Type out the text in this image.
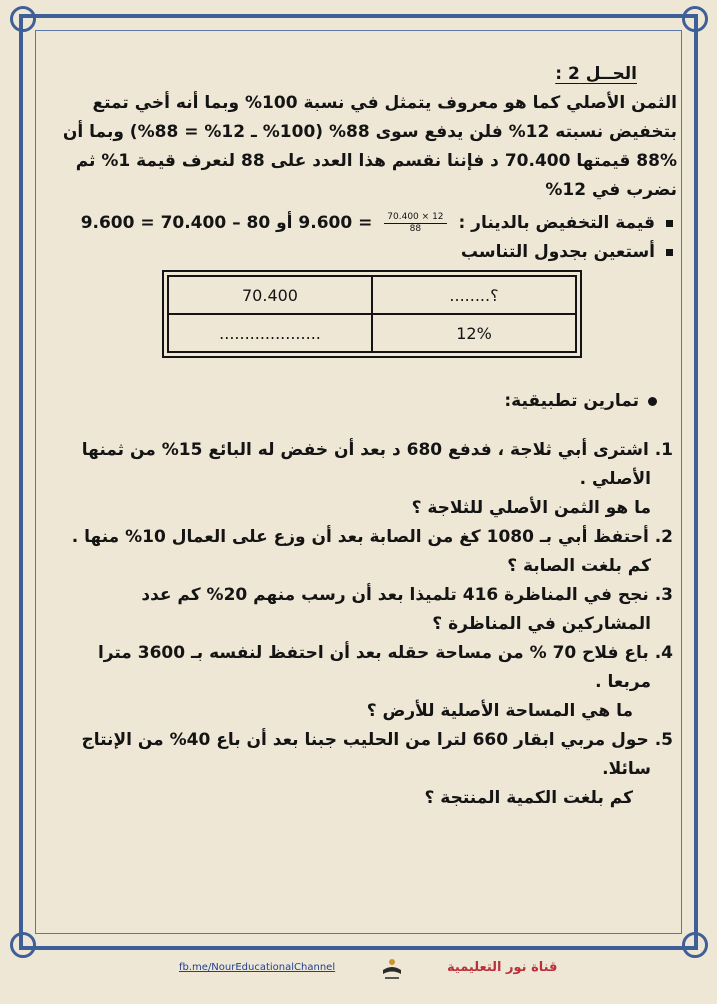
الحــل 2 :
الثمن الأصلي كما هو معروف يتمثل في نسبة 100% وبما أنه أخي تمتع
بتخفيض نسبته 12% فلن يدفع سوى 88% (100% ـ 12% = 88%) وبما أن
88% قيمتها 70.400 د فإننا نقسم هذا العدد على 88 لنعرف قيمة 1% ثم
نضرب في 12%
قيمة التخفيض بالدينار :
$\frac{12 \times 70.400}{88}$
= 9.600 أو 80 – 70.400 = 9.600
أستعين بجدول التناسب
؟........	70.400
12%	....................
تمارين تطبيقية:
1. اشترى أبي ثلاجة ، فدفع 680 د بعد أن خفض له البائع 15% من ثمنها
الأصلي .
ما هو الثمن الأصلي للثلاجة ؟
2. أحتفظ أبي بـ 1080 كغ من الصابة بعد أن وزع على العمال 10% منها .
كم بلغت الصابة ؟
3. نجح في المناظرة 416 تلميذا بعد أن رسب منهم 20% كم عدد
المشاركين في المناظرة ؟
4. باع فلاح 70 % من مساحة حقله بعد أن احتفظ لنفسه بـ 3600 مترا
مربعا .
ما هي المساحة الأصلية للأرض ؟
5. حول مربي ابقار 660 لترا من الحليب جبنا بعد أن باع 40% من الإنتاج
سائلا.
كم بلغت الكمية المنتجة ؟
fb.me/NourEducationalChannel	قناة نور التعليمية
